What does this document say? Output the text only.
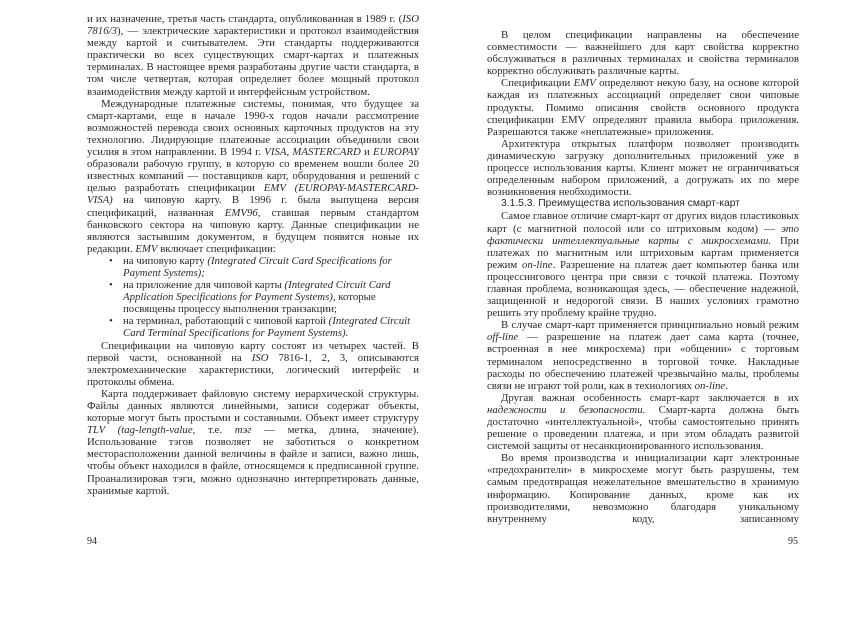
и их назначение, третья часть стандарта, опубликованная в 1989 г. (ISO 7816/3), — электрические характеристики и протокол взаимодействия между картой и считывателем. Эти стандарты поддерживаются практически во всех существующих смарт-картах и платежных терминалах. В настоящее время разработаны другие части стандарта, в том числе четвертая, которая определяет более мощный протокол взаимодействия между картой и интерфейсным устройством.

Международные платежные системы, понимая, что будущее за смарт-картами, еще в начале 1990-х годов начали рассмотрение возможностей перевода своих основных карточных продуктов на эту технологию. Лидирующие платежные ассоциации объединили свои усилия в этом направлении. В 1994 г. VISA, MASTERCARD и EUROPAY образовали рабочую группу, в которую со временем вошли более 20 известных компаний — поставщиков карт, оборудования и решений с целью разработать спецификации EMV (EUROPAY-MASTERCARD-VISA) на чиповую карту. В 1996 г. была выпущена версия спецификаций, названная EMV96, ставшая первым стандартом банковского сектора на чиповую карту. Данные спецификации не являются застывшим документом, в будущем появятся новые их редакции. EMV включает спецификации:

• на чиповую карту (Integrated Circuit Card Specifications for Payment Systems);
• на приложение для чиповой карты (Integrated Circuit Card Application Specifications for Payment Systems), которые посвящены процессу выполнения транзакции;
• на терминал, работающий с чиповой картой (Integrated Circuit Card Terminal Specifications for Payment Systems).

Спецификации на чиповую карту состоят из четырех частей. В первой части, основанной на ISO 7816-1, 2, 3, описываются электромеханические характеристики, логический интерфейс и протоколы обмена.

Карта поддерживает файловую систему иерархической структуры. Файлы данных являются линейными, записи содержат объекты, которые могут быть простыми и составными. Объект имеет структуру TLV (tag-length-value, т.е. тэг — метка, длина, значение). Использование тэгов позволяет не заботиться о конкретном месторасположении данной величины в файле и записи, важно лишь, чтобы объект находился в файле, относящемся к предписанной группе. Проанализировав тэги, можно однозначно интерпретировать данные, хранимые картой.

В целом спецификации направлены на обеспечение совместимости — важнейшего для карт свойства корректно обслуживаться в различных терминалах и свойства терминалов корректно обслуживать различные карты.

Спецификации EMV определяют некую базу, на основе которой каждая из платежных ассоциаций определяет свои чиповые продукты. Помимо описания свойств основного продукта спецификации EMV определяют правила выбора приложения. Разрешаются также «неплатежные» приложения.

Архитектура открытых платформ позволяет производить динамическую загрузку дополнительных приложений уже в процессе использования карты. Клиент может не ограничиваться определенным набором приложений, а догружать их по мере возникновения необходимости.

3.1.5.3. Преимущества использования смарт-карт

Самое главное отличие смарт-карт от других видов пластиковых карт (с магнитной полосой или со штриховым кодом) — это фактически интеллектуальные карты с микросхемами. При платежах по магнитным или штриховым картам применяется режим on-line. Разрешение на платеж дает компьютер банка или процессингового центра при связи с точкой платежа. Поэтому главная проблема, возникающая здесь, — обеспечение надежной, защищенной и недорогой связи. В наших условиях грамотно решить эту проблему крайне трудно.

В случае смарт-карт применяется принципиально новый режим off-line — разрешение на платеж дает сама карта (точнее, встроенная в нее микросхема) при «общении» с торговым терминалом непосредственно в торговой точке. Накладные расходы по обеспечению платежей чрезвычайно малы, проблемы связи не играют той роли, как в технологиях on-line.

Другая важная особенность смарт-карт заключается в их надежности и безопасности. Смарт-карта должна быть достаточно «интеллектуальной», чтобы самостоятельно принять решение о проведении платежа, и при этом обладать развитой системой защиты от несанкционированного использования.

Во время производства и инициализации карт электронные «предохранители» в микросхеме могут быть разрушены, тем самым предотвращая нежелательное вмешательство в хранимую информацию. Копирование данных, кроме как их производителями, невозможно благодаря уникальному внутреннему коду, записанному

94	95
